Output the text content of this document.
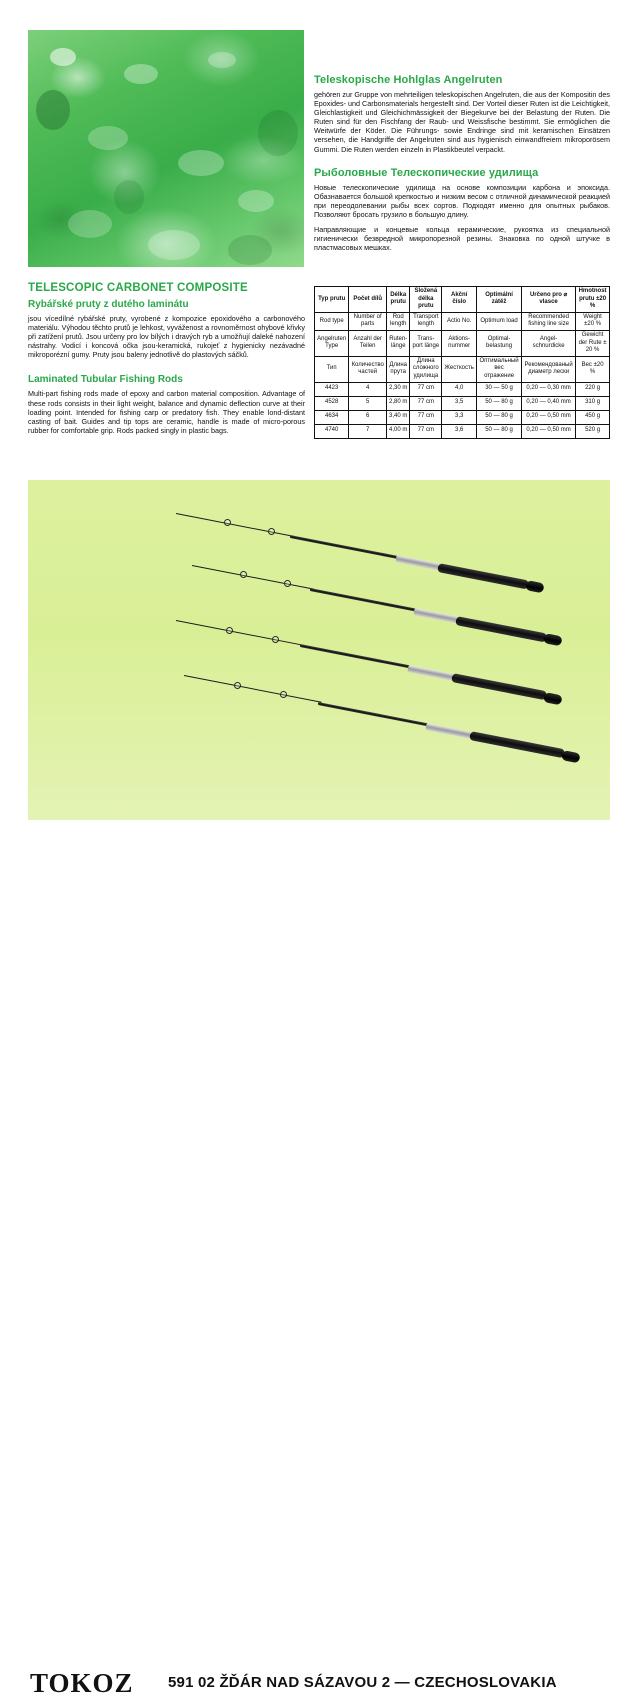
Teleskopische Hohlglas Angelruten

gehören zur Gruppe von mehrteiligen teleskopischen Angelruten, die aus der Kompositin des Epoxides- und Carbonsmaterials hergestellt sind. Der Vorteil dieser Ruten ist die Leichtigkeit, Gleichlastigkeit und Gleichichmässigkeit der Biegekurve bei der Belastung der Ruten. Die Ruten sind für den Fischfang der Raub- und Weissfische bestimmt. Sie ermöglichen die Weitwürfe der Köder. Die Führungs- sowie Endringe sind mit keramischen Einsätzen versehen, die Handgriffe der Angelruten sind aus hygienisch einwandfreiem mikroporösem Gummi. Die Ruten werden einzeln in Plastikbeutel verpackt.

Рыболовные Телескопические удилища

Новые телескопические удилища на основе композиции карбона и эпоксида. Обазнавается большой крепкостью и низким весом с отличной динамической реакцией при переодолевании рыбы всех сортов. Подходят именно для опытных рыбаков. Позволяют бросать грузило в большую длину.

Направляющие и концевые кольца керамические, рукоятка из специальной гигиенически безвредной микропорезной резины. Знаковка по одной штучке в пластмасовых мешках.

TELESCOPIC CARBONET COMPOSITE
Rybářské pruty z dutého laminátu

jsou vícedílné rybářské pruty, vyrobené z kompozice epoxidového a carbonového materiálu. Výhodou těchto prutů je lehkost, vyváženost a rovnoměrnost ohybové křivky při zatížení prutů. Jsou určeny pro lov bílých i dravých ryb a umožňují daleké nahození nástrahy. Vodicí i koncová očka jsou-keramická, rukojeť z hygienicky nezávadné mikroporézní gumy. Pruty jsou baleny jednotlivě do plastových sáčků.

Laminated Tubular Fishing Rods

Multi-part fishing rods made of epoxy and carbon material composition. Advantage of these rods consists in their light weight, balance and dynamic deflection curve at their loading point. Intended for fishing carp or predatory fish. They enable lond-distant casting of bait. Guides and tip tops are ceramic, handle is made of micro-porous rubber for comfortable grip. Rods packed singly in plastic bags.

Typ prutu	Počet dílů	Délka prutu	Složená délka prutu	Akční číslo	Optimální zátěž	Určeno pro ⌀ vlasce	Hmotnost prutu ±20 %
Rod type	Number of parts	Rod length	Transport length	Actio No.	Optimum load	Recommended fishing line size	Weight ±20 %
Angelruten Type	Anzahl der Teilen	Ruten-länge	Trans-port länge	Aktions-nummer	Optimal-belastung	Angel-schnurdicke	Gewicht der Rute ± 20 %
Тип	Количество частей	Длина прута	Длина сложного удилища	Жесткость	Оптимальный вес отражение	Рекомендованый диаметр лески	Вес ±20 %
4423	4	2,30 m	77 cm	4,0	30 — 50 g	0,20 — 0,30 mm	220 g
4528	5	2,80 m	77 cm	3,5	50 — 80 g	0,20 — 0,40 mm	310 g
4634	6	3,40 m	77 cm	3,3	50 — 80 g	0,20 — 0,50 mm	450 g
4740	7	4,00 m	77 cm	3,6	50 — 80 g	0,20 — 0,50 mm	520 g
TOKOZ 591 02 ŽĎÁR NAD SÁZAVOU 2 — CZECHOSLOVAKIA
